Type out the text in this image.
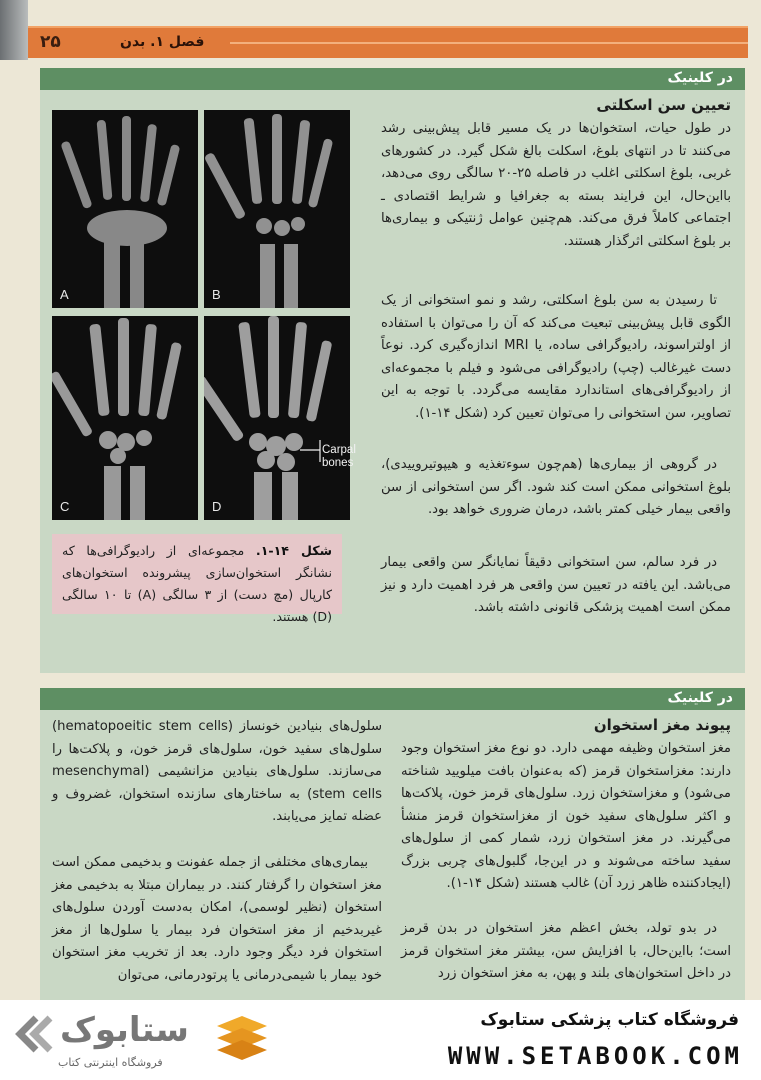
۲۵	فصل ۱. بدن
در کلینیک
تعیین سن اسکلتی
A	B
C	D
Carpal
bones
شکل ۱۴-۱. مجموعه‌ای از رادیوگرافی‌ها که نشانگر استخوان‌سازی پیشرونده استخوان‌های کارپال (مچ دست) از ۳ سالگی (A) تا ۱۰ سالگی (D) هستند.
در طول حیات، استخوان‌ها در یک مسیر قابل پیش‌بینی رشد می‌کنند تا در انتهای بلوغ، اسکلت بالغ شکل گیرد. در کشورهای غربی، بلوغ اسکلتی اغلب در فاصله ۲۵-۲۰ سالگی روی می‌دهد، بااین‌حال، این فرایند بسته به جغرافیا و شرایط اقتصادی ـ اجتماعی کاملاً فرق می‌کند. هم‌چنین عوامل ژنتیکی و بیماری‌ها بر بلوغ اسکلتی اثرگذار هستند.
تا رسیدن به سن بلوغ اسکلتی، رشد و نمو استخوانی از یک الگوی قابل پیش‌بینی تبعیت می‌کند که آن را می‌توان با استفاده از اولتراسوند، رادیوگرافی ساده، یا MRI اندازه‌گیری کرد. نوعاً دست غیرغالب (چپ) رادیوگرافی می‌شود و فیلم با مجموعه‌ای از رادیوگرافی‌های استاندارد مقایسه می‌گردد. با توجه به این تصاویر، سن استخوانی را می‌توان تعیین کرد (شکل ۱۴-۱).
در گروهی از بیماری‌ها (هم‌چون سوء‌تغذیه و هیپوتیروییدی)، بلوغ استخوانی ممکن است کند شود. اگر سن استخوانی از سن واقعی بیمار خیلی کمتر باشد، درمان ضروری خواهد بود.
در فرد سالم، سن استخوانی دقیقاً نمایانگر سن واقعی بیمار می‌باشد. این یافته در تعیین سن واقعی هر فرد اهمیت دارد و نیز ممکن است اهمیت پزشکی قانونی داشته باشد.
در کلینیک
پیوند مغز استخوان
مغز استخوان وظیفه مهمی دارد. دو نوع مغز استخوان وجود دارند: مغزاستخوان قرمز (که به‌عنوان بافت میلویید شناخته می‌شود) و مغزاستخوان زرد. سلول‌های قرمز خون، پلاکت‌ها و اکثر سلول‌های سفید خون از مغزاستخوان قرمز منشأ می‌گیرند. در مغز استخوان زرد، شمار کمی از سلول‌های سفید ساخته می‌شوند و در این‌جا، گلبول‌های چربی بزرگ (ایجادکننده ظاهر زرد آن) غالب هستند (شکل ۱۴-۱).
در بدو تولد، بخش اعظم مغز استخوان در بدن قرمز است؛ بااین‌حال، با افزایش سن، بیشتر مغز استخوان قرمز در داخل استخوان‌های بلند و پهن، به مغز استخوان زرد
سلول‌های بنیادین خونساز (hematopoeitic stem cells) سلول‌های سفید خون، سلول‌های قرمز خون، و پلاکت‌ها را می‌سازند. سلول‌های بنیادین مزانشیمی (mesenchymal stem cells) به ساختارهای سازنده استخوان، غضروف و عضله تمایز می‌یابند.
بیماری‌های مختلفی از جمله عفونت و بدخیمی ممکن است مغز استخوان را گرفتار کنند. در بیماران مبتلا به بدخیمی مغز استخوان (نظیر لوسمی)، امکان به‌دست آوردن سلول‌های غیربدخیم از مغز استخوان فرد بیمار یا سلول‌ها از مغز استخوان فرد دیگر وجود دارد. بعد از تخریب مغز استخوان خود بیمار با شیمی‌درمانی یا پرتودرمانی، می‌توان
ستابوک
فروشگاه اینترنتی کتاب
فروشگاه کتاب پزشکی ستابوک
WWW.SETABOOK.COM
